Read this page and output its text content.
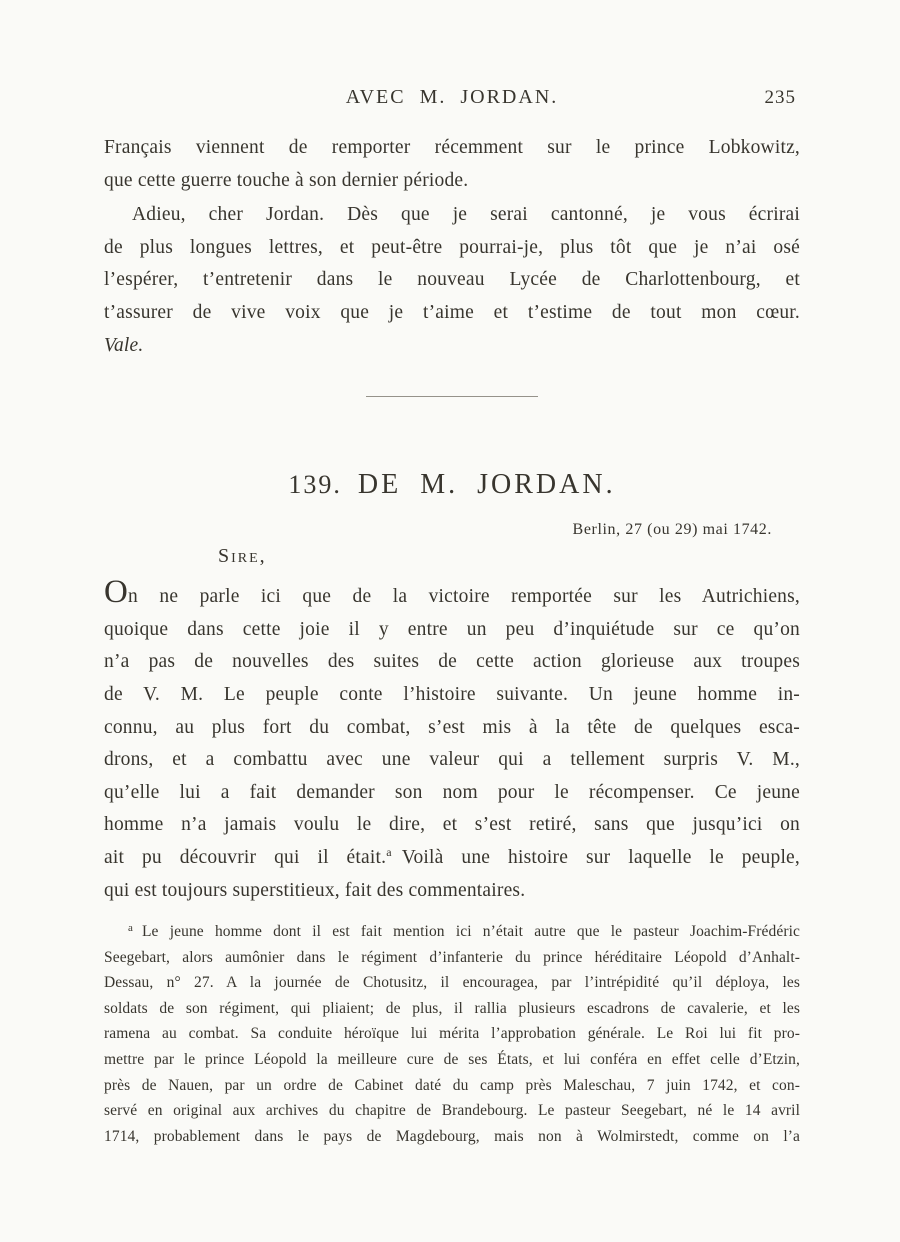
AVEC M. JORDAN.	235
Français viennent de remporter récemment sur le prince Lobkowitz,
que cette guerre touche à son dernier période.
Adieu, cher Jordan. Dès que je serai cantonné, je vous écrirai
de plus longues lettres, et peut-être pourrai-je, plus tôt que je n’ai osé
l’espérer, t’entretenir dans le nouveau Lycée de Charlottenbourg, et
t’assurer de vive voix que je t’aime et t’estime de tout mon cœur.
Vale.
139. DE M. JORDAN.
Berlin, 27 (ou 29) mai 1742.
Sire,
On ne parle ici que de la victoire remportée sur les Autrichiens,
quoique dans cette joie il y entre un peu d’inquiétude sur ce qu’on
n’a pas de nouvelles des suites de cette action glorieuse aux troupes
de V. M. Le peuple conte l’histoire suivante. Un jeune homme in-
connu, au plus fort du combat, s’est mis à la tête de quelques esca-
drons, et a combattu avec une valeur qui a tellement surpris V. M.,
qu’elle lui a fait demander son nom pour le récompenser. Ce jeune
homme n’a jamais voulu le dire, et s’est retiré, sans que jusqu’ici on
ait pu découvrir qui il était.$^a$ Voilà une histoire sur laquelle le peuple,
qui est toujours superstitieux, fait des commentaires.
$^a$ Le jeune homme dont il est fait mention ici n’était autre que le pasteur Joachim-Frédéric
Seegebart, alors aumônier dans le régiment d’infanterie du prince héréditaire Léopold d’Anhalt-
Dessau, n° 27. A la journée de Chotusitz, il encouragea, par l’intrépidité qu’il déploya, les
soldats de son régiment, qui pliaient; de plus, il rallia plusieurs escadrons de cavalerie, et les
ramena au combat. Sa conduite héroïque lui mérita l’approbation générale. Le Roi lui fit pro-
mettre par le prince Léopold la meilleure cure de ses États, et lui conféra en effet celle d’Etzin,
près de Nauen, par un ordre de Cabinet daté du camp près Maleschau, 7 juin 1742, et con-
servé en original aux archives du chapitre de Brandebourg. Le pasteur Seegebart, né le 14 avril
1714, probablement dans le pays de Magdebourg, mais non à Wolmirstedt, comme on l’a
